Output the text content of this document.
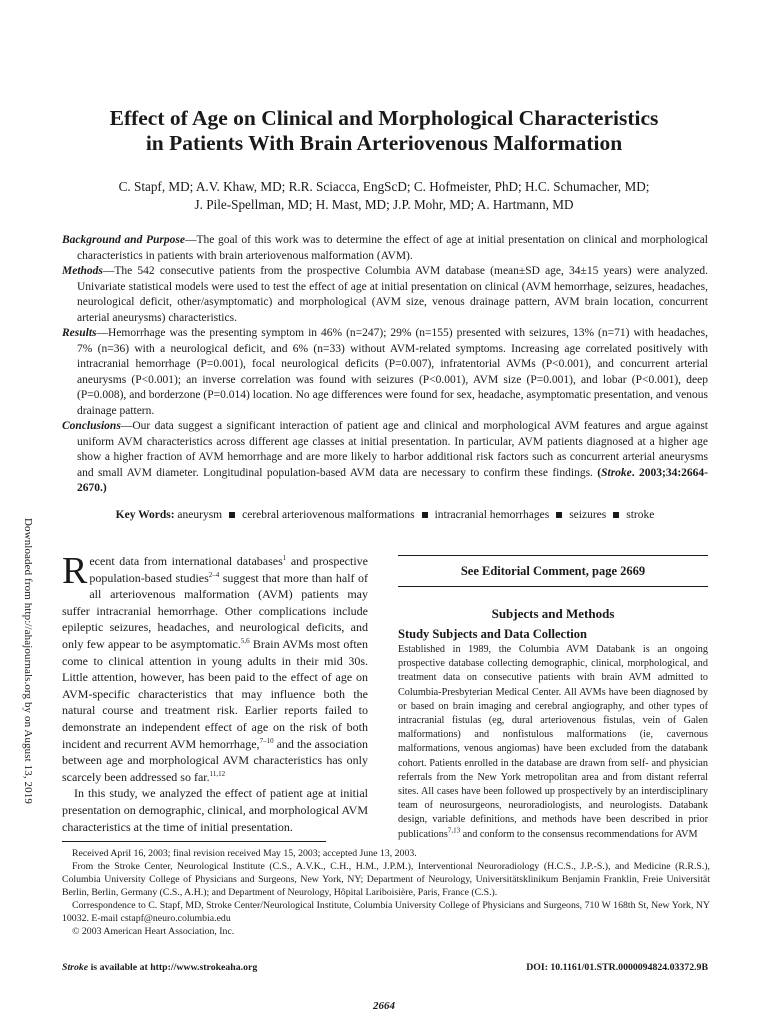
Downloaded from http://ahajournals.org by on August 13, 2019
Effect of Age on Clinical and Morphological Characteristics
in Patients With Brain Arteriovenous Malformation

C. Stapf, MD; A.V. Khaw, MD; R.R. Sciacca, EngScD; C. Hofmeister, PhD; H.C. Schumacher, MD;
J. Pile-Spellman, MD; H. Mast, MD; J.P. Mohr, MD; A. Hartmann, MD

Background and Purpose—The goal of this work was to determine the effect of age at initial presentation on clinical and morphological characteristics in patients with brain arteriovenous malformation (AVM).

Methods—The 542 consecutive patients from the prospective Columbia AVM database (mean±SD age, 34±15 years) were analyzed. Univariate statistical models were used to test the effect of age at initial presentation on clinical (AVM hemorrhage, seizures, headaches, neurological deficit, other/asymptomatic) and morphological (AVM size, venous drainage pattern, AVM brain location, concurrent arterial aneurysms) characteristics.

Results—Hemorrhage was the presenting symptom in 46% (n=247); 29% (n=155) presented with seizures, 13% (n=71) with headaches, 7% (n=36) with a neurological deficit, and 6% (n=33) without AVM-related symptoms. Increasing age correlated positively with intracranial hemorrhage (P=0.001), focal neurological deficits (P=0.007), infratentorial AVMs (P<0.001), and concurrent arterial aneurysms (P<0.001); an inverse correlation was found with seizures (P<0.001), AVM size (P=0.001), and lobar (P<0.001), deep (P=0.008), and borderzone (P=0.014) location. No age differences were found for sex, headache, asymptomatic presentation, and venous drainage pattern.

Conclusions—Our data suggest a significant interaction of patient age and clinical and morphological AVM features and argue against uniform AVM characteristics across different age classes at initial presentation. In particular, AVM patients diagnosed at a higher age show a higher fraction of AVM hemorrhage and are more likely to harbor additional risk factors such as concurrent arterial aneurysms and small AVM diameter. Longitudinal population-based AVM data are necessary to confirm these findings. (Stroke. 2003;34:2664-2670.)

Key Words: aneurysm cerebral arteriovenous malformations intracranial hemorrhages seizures stroke

Recent data from international databases$^1$ and prospective population-based studies$^{2-4}$ suggest that more than half of all arteriovenous malformation (AVM) patients may suffer intracranial hemorrhage. Other complications include epileptic seizures, headaches, and neurological deficits, and only few appear to be asymptomatic.$^{5,6}$ Brain AVMs most often come to clinical attention in young adults in their mid 30s. Little attention, however, has been paid to the effect of age on AVM-specific characteristics that may influence both the natural course and treatment risk. Earlier reports failed to demonstrate an independent effect of age on the risk of both incident and recurrent AVM hemorrhage,$^{7-10}$ and the association between age and morphological AVM characteristics has only scarcely been addressed so far.$^{11,12}$

In this study, we analyzed the effect of patient age at initial presentation on demographic, clinical, and morphological AVM characteristics at the time of initial presentation.

See Editorial Comment, page 2669
Subjects and Methods
Study Subjects and Data Collection

Established in 1989, the Columbia AVM Databank is an ongoing prospective database collecting demographic, clinical, morphological, and treatment data on consecutive patients with brain AVM admitted to Columbia-Presbyterian Medical Center. All AVMs have been diagnosed by or based on brain imaging and cerebral angiography, and other types of intracranial fistulas (eg, dural arteriovenous fistulas, vein of Galen malformations) and nonfistulous malformations (ie, cavernous malformations, venous angiomas) have been excluded from the databank cohort. Patients enrolled in the database are drawn from self- and physician referrals from the New York metropolitan area and from distant referral sites. All cases have been followed up prospectively by an interdisciplinary team of neurosurgeons, neuroradiologists, and neurologists. Databank design, variable definitions, and methods have been described in prior publications$^{7,13}$ and conform to the consensus recommendations for AVM

Received April 16, 2003; final revision received May 15, 2003; accepted June 13, 2003.

From the Stroke Center, Neurological Institute (C.S., A.V.K., C.H., H.M., J.P.M.), Interventional Neuroradiology (H.C.S., J.P.-S.), and Medicine (R.R.S.), Columbia University College of Physicians and Surgeons, New York, NY; Department of Neurology, Universitätsklinikum Benjamin Franklin, Freie Universität Berlin, Berlin, Germany (C.S., A.H.); and Department of Neurology, Hôpital Lariboisière, Paris, France (C.S.).

Correspondence to C. Stapf, MD, Stroke Center/Neurological Institute, Columbia University College of Physicians and Surgeons, 710 W 168th St, New York, NY 10032. E-mail cstapf@neuro.columbia.edu

© 2003 American Heart Association, Inc.

Stroke is available at http://www.strokeaha.org	DOI: 10.1161/01.STR.0000094824.03372.9B
2664
